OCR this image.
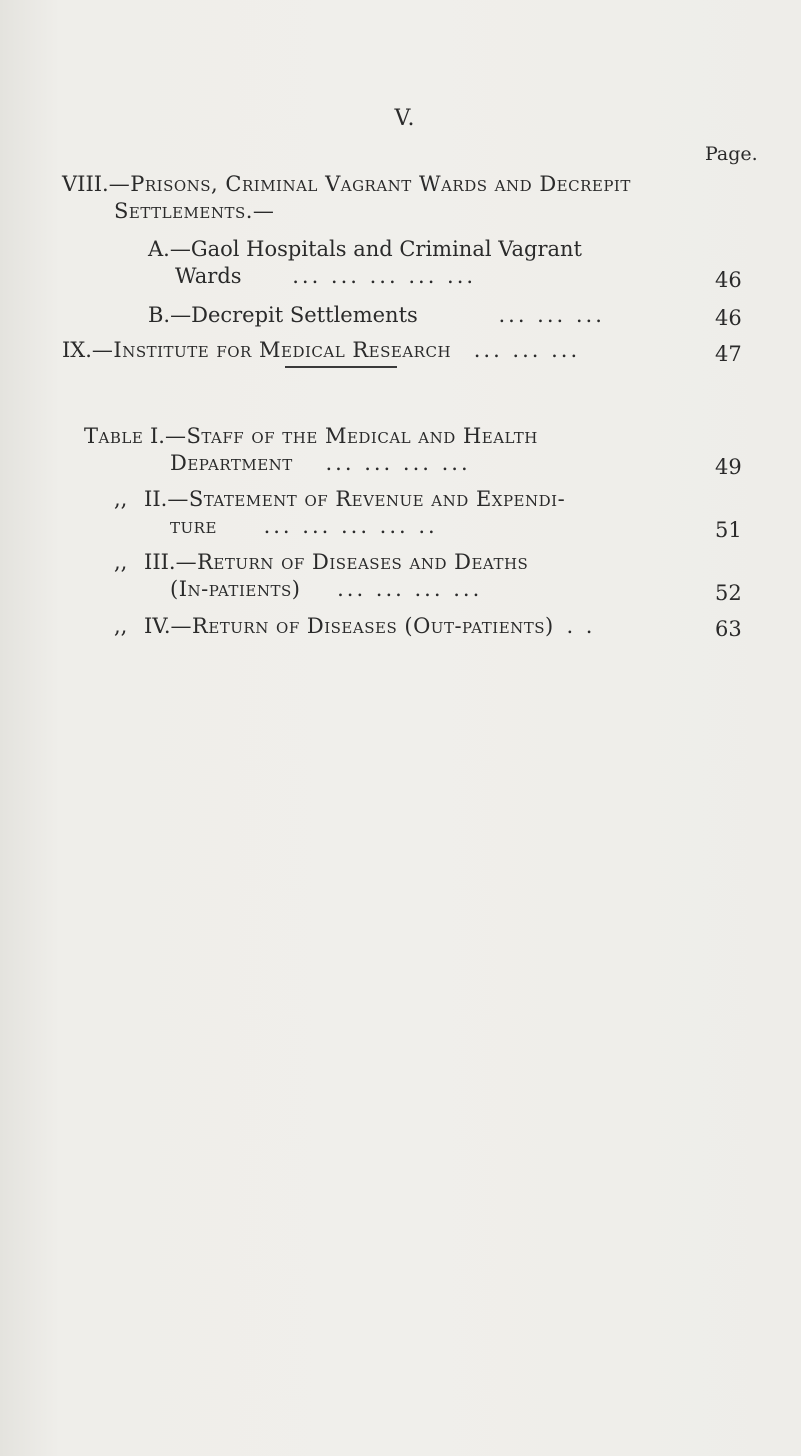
V.
Page.
VIII.—Prisons, Criminal Vagrant Wards and Decrepit
Settlements.—
A.—Gaol Hospitals and Criminal Vagrant
Wards ... ... ... ... ...	46
B.—Decrepit Settlements	... ... ...	46
IX.—Institute for Medical Research ... ... ...	47
Table I.—Staff of the Medical and Health
Department ... ... ... ...	49
,, II.—Statement of Revenue and Expendi-
ture ... ... ... ... ..	51
,, III.—Return of Diseases and Deaths
(In-patients) ... ... ... ...	52
,, IV.—Return of Diseases (Out-patients) . .	63
